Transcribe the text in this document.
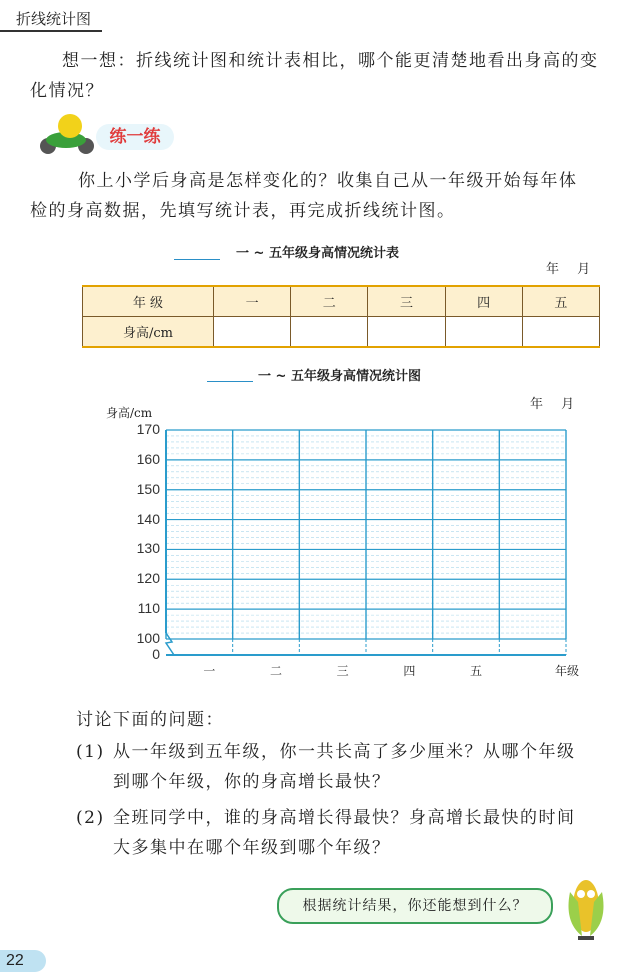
折线统计图
想一想：折线统计图和统计表相比，哪个能更清楚地看出身高的变
化情况？
练一练
你上小学后身高是怎样变化的？收集自己从一年级开始每年体
检的身高数据，先填写统计表，再完成折线统计图。
一 ~ 五年级身高情况统计表
年 月
年 级	一	二	三	四	五
身高/cm					
一 ~ 五年级身高情况统计图
年 月
身高/cm
170
160
150
140
130
120
110
100
0
一	二	三	四	五	年级
讨论下面的问题：
(1) 从一年级到五年级，你一共长高了多少厘米？从哪个年级
到哪个年级，你的身高增长最快？
(2) 全班同学中，谁的身高增长得最快？身高增长最快的时间
大多集中在哪个年级到哪个年级？
根据统计结果，你还能想到什么？
22
